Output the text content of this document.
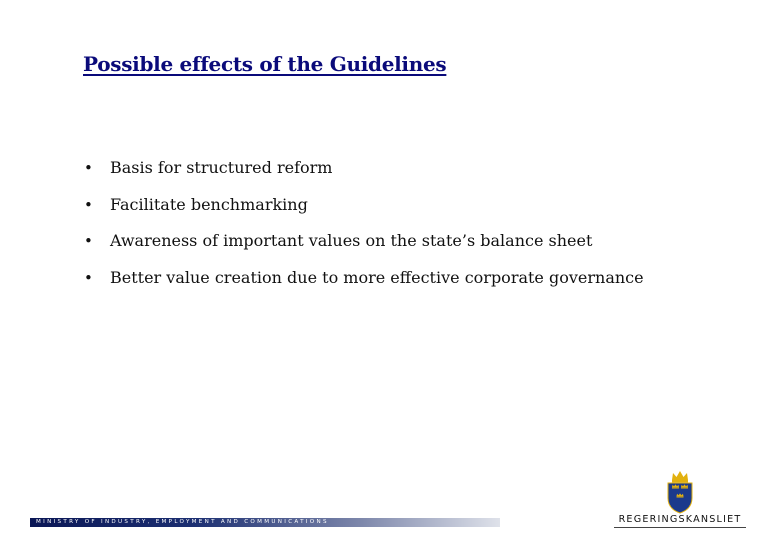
Possible effects of the Guidelines
•	Basis for structured reform
•	Facilitate benchmarking
•	Awareness of important values on the state’s balance sheet
•	Better value creation due to more effective corporate governance
MINISTRY OF INDUSTRY, EMPLOYMENT AND COMMUNICATIONS	REGERINGSKANSLIET
